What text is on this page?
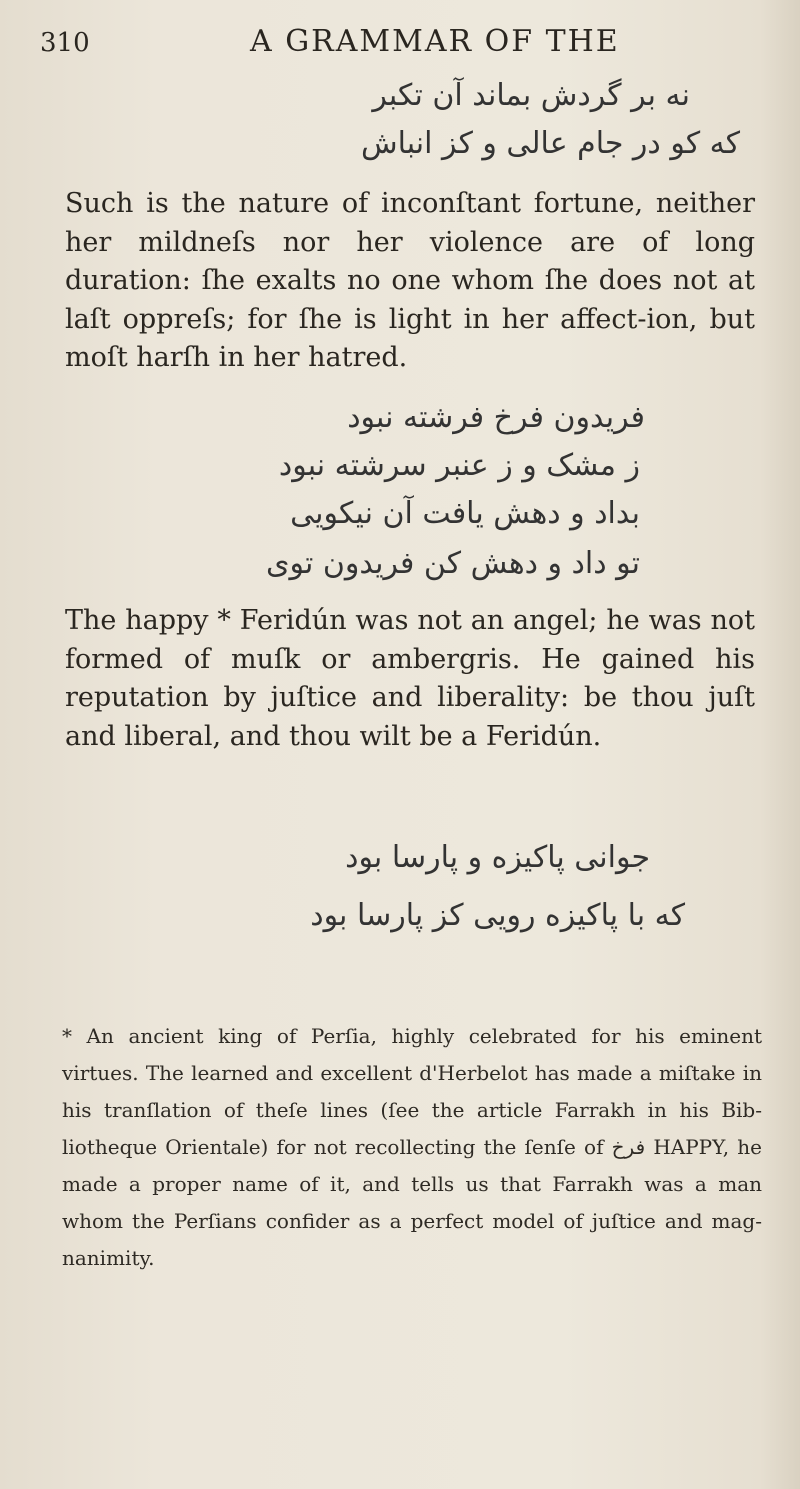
310	A GRAMMAR OF THE
نه بر گردش بماند آن تکبر
که کو در جام عالی و کز انباش

Such is the nature of inconſtant fortune, neither her mildneſs nor her violence are of long duration: ſhe exalts no one whom ſhe does not at laſt oppreſs; for ſhe is light in her affect-ion, but moſt harſh in her hatred.

فریدون فرخ فرشته نبود
ز مشک و ز عنبر سرشته نبود
بداد و دهش یافت آن نیکویی
تو داد و دهش کن فریدون توی

The happy * Feridún was not an angel; he was not formed of muſk or ambergris. He gained his reputation by juſtice and liberality: be thou juſt and liberal, and thou wilt be a Feridún.

جوانی پاکیزه و پارسا بود
که با پاکیزه رویی کز پارسا بود

* An ancient king of Perſia, highly celebrated for his eminent virtues. The learned and excellent d'Herbelot has made a miſtake in his tranſlation of theſe lines (ſee the article Farrakh in his Bib-liotheque Orientale) for not recollecting the ſenſe of فرخ HAPPY, he made a proper name of it, and tells us that Farrakh was a man whom the Perſians confider as a perfect model of juſtice and mag-nanimity.
